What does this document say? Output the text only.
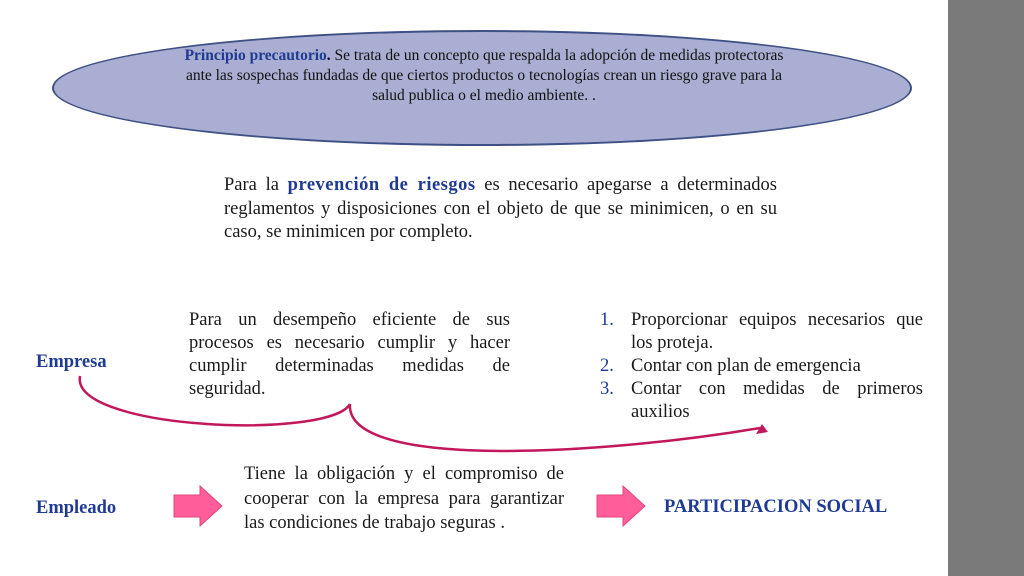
Principio precautorio. Se trata de un concepto que respalda la adopción de medidas protectoras ante las sospechas fundadas de que ciertos productos o tecnologías crean un riesgo grave para la salud publica o el medio ambiente. .
Para la prevención de riesgos es necesario apegarse a determinados reglamentos y disposiciones con el objeto de que se minimicen, o en su caso, se minimicen por completo.
Empresa
Para un desempeño eficiente de sus procesos es necesario cumplir y hacer cumplir determinadas medidas de seguridad.
1. Proporcionar equipos necesarios que los proteja.
2. Contar con plan de emergencia
3. Contar con medidas de primeros auxilios
Empleado
Tiene la obligación y el compromiso de cooperar con la empresa para garantizar las condiciones de trabajo seguras .
PARTICIPACION SOCIAL
